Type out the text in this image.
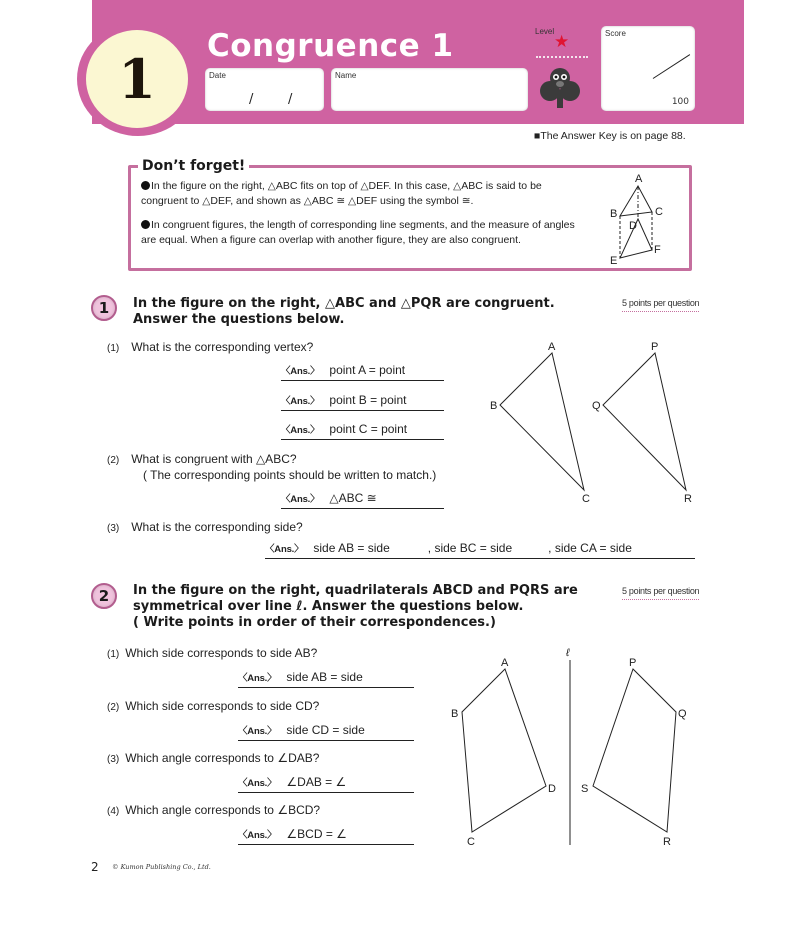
1
Congruence 1
Date
/	/
Name
Level
★	Score
100
■The Answer Key is on page 88.
Don’t forget!
In the figure on the right, △ABC fits on top of △DEF. In this case, △ABC is said to be congruent to △DEF, and shown as △ABC ≅ △DEF using the symbol ≅.
In congruent figures, the length of corresponding line segments, and the measure of angles are equal. When a figure can overlap with another figure, they are also congruent.
A
B	C
D
E
F
1	In the figure on the right, △ABC and △PQR are congruent. Answer the questions below.
5 points per question
(1) What is the corresponding vertex?
〈Ans.〉 point A = point
〈Ans.〉 point B = point
〈Ans.〉 point C = point
(2) What is congruent with △ABC?
( The corresponding points should be written to match.)
〈Ans.〉 △ABC ≅
(3) What is the corresponding side?
〈Ans.〉 side AB = side	, side BC = side	, side CA = side
A
B
C
P
Q
R
2	In the figure on the right, quadrilaterals ABCD and PQRS are
symmetrical over line ℓ. Answer the questions below.
( Write points in order of their correspondences.)
5 points per question
(1) Which side corresponds to side AB?
〈Ans.〉 side AB = side
(2) Which side corresponds to side CD?
〈Ans.〉 side CD = side
(3) Which angle corresponds to ∠DAB?
〈Ans.〉 ∠DAB = ∠
(4) Which angle corresponds to ∠BCD?
〈Ans.〉 ∠BCD = ∠
ℓ
A
B
C
D
P
Q
R
S
2 © Kumon Publishing Co., Ltd.
